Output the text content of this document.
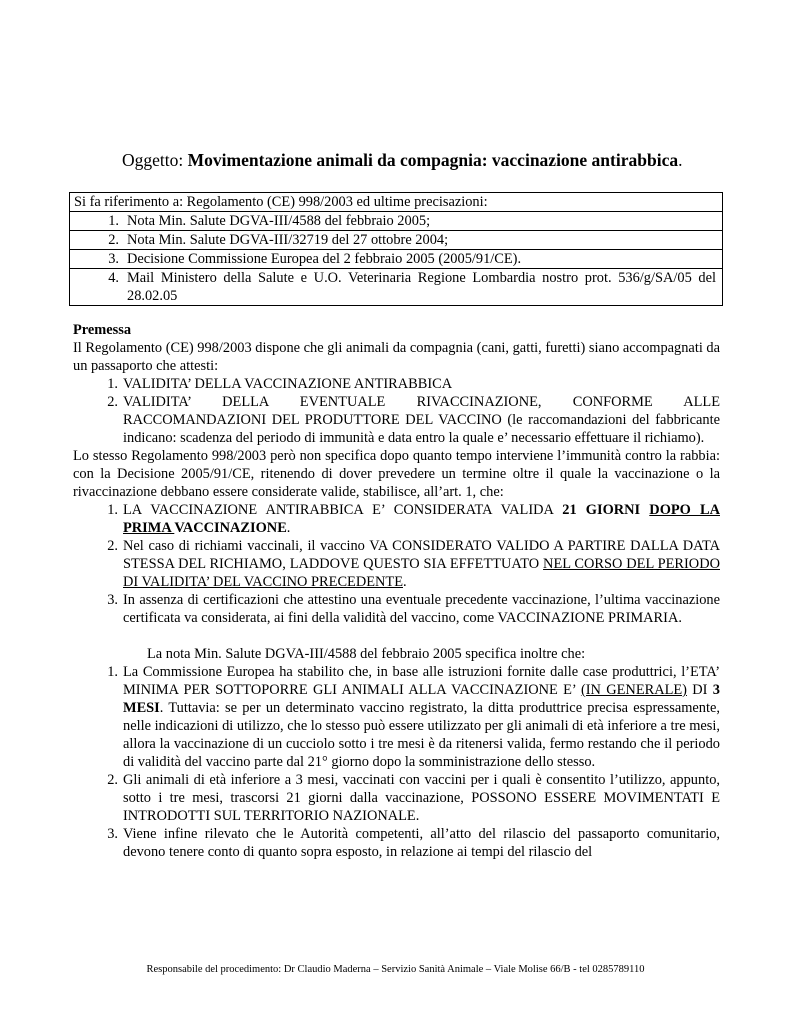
Oggetto: Movimentazione animali da compagnia: vaccinazione antirabbica.
Si fa riferimento a: Regolamento (CE) 998/2003 ed ultime precisazioni:
1. Nota Min. Salute DGVA-III/4588 del febbraio 2005;
2. Nota Min. Salute DGVA-III/32719 del 27 ottobre 2004;
3. Decisione Commissione Europea del 2 febbraio 2005 (2005/91/CE).
4. Mail Ministero della Salute e U.O. Veterinaria Regione Lombardia nostro prot. 536/g/SA/05 del 28.02.05

Premessa

Il Regolamento (CE) 998/2003 dispone che gli animali da compagnia (cani, gatti, furetti) siano accompagnati da un passaporto che attesti:

1. VALIDITA’ DELLA VACCINAZIONE ANTIRABBICA
2. VALIDITA’ DELLA EVENTUALE RIVACCINAZIONE, CONFORME ALLE RACCOMANDAZIONI DEL PRODUTTORE DEL VACCINO (le raccomandazioni del fabbricante indicano: scadenza del periodo di immunità e data entro la quale e’ necessario effettuare il richiamo).

Lo stesso Regolamento 998/2003 però non specifica dopo quanto tempo interviene l’immunità contro la rabbia: con la Decisione 2005/91/CE, ritenendo di dover prevedere un termine oltre il quale la vaccinazione o la rivaccinazione debbano essere considerate valide, stabilisce, all’art. 1, che:

1. LA VACCINAZIONE ANTIRABBICA E’ CONSIDERATA VALIDA 21 GIORNI DOPO LA PRIMA VACCINAZIONE.
2. Nel caso di richiami vaccinali, il vaccino VA CONSIDERATO VALIDO A PARTIRE DALLA DATA STESSA DEL RICHIAMO, LADDOVE QUESTO SIA EFFETTUATO NEL CORSO DEL PERIODO DI VALIDITA’ DEL VACCINO PRECEDENTE.
3. In assenza di certificazioni che attestino una eventuale precedente vaccinazione, l’ultima vaccinazione certificata va considerata, ai fini della validità del vaccino, come VACCINAZIONE PRIMARIA.

La nota Min. Salute DGVA-III/4588 del febbraio 2005 specifica inoltre che:

1. La Commissione Europea ha stabilito che, in base alle istruzioni fornite dalle case produttrici, l’ETA’ MINIMA PER SOTTOPORRE GLI ANIMALI ALLA VACCINAZIONE E’ (IN GENERALE) DI 3 MESI. Tuttavia: se per un determinato vaccino registrato, la ditta produttrice precisa espressamente, nelle indicazioni di utilizzo, che lo stesso può essere utilizzato per gli animali di età inferiore a tre mesi, allora la vaccinazione di un cucciolo sotto i tre mesi è da ritenersi valida, fermo restando che il periodo di validità del vaccino parte dal 21° giorno dopo la somministrazione dello stesso.
2. Gli animali di età inferiore a 3 mesi, vaccinati con vaccini per i quali è consentito l’utilizzo, appunto, sotto i tre mesi, trascorsi 21 giorni dalla vaccinazione, POSSONO ESSERE MOVIMENTATI E INTRODOTTI SUL TERRITORIO NAZIONALE.
3. Viene infine rilevato che le Autorità competenti, all’atto del rilascio del passaporto comunitario, devono tenere conto di quanto sopra esposto, in relazione ai tempi del rilascio del
Responsabile del procedimento: Dr Claudio Maderna – Servizio Sanità Animale – Viale Molise 66/B - tel 0285789110
